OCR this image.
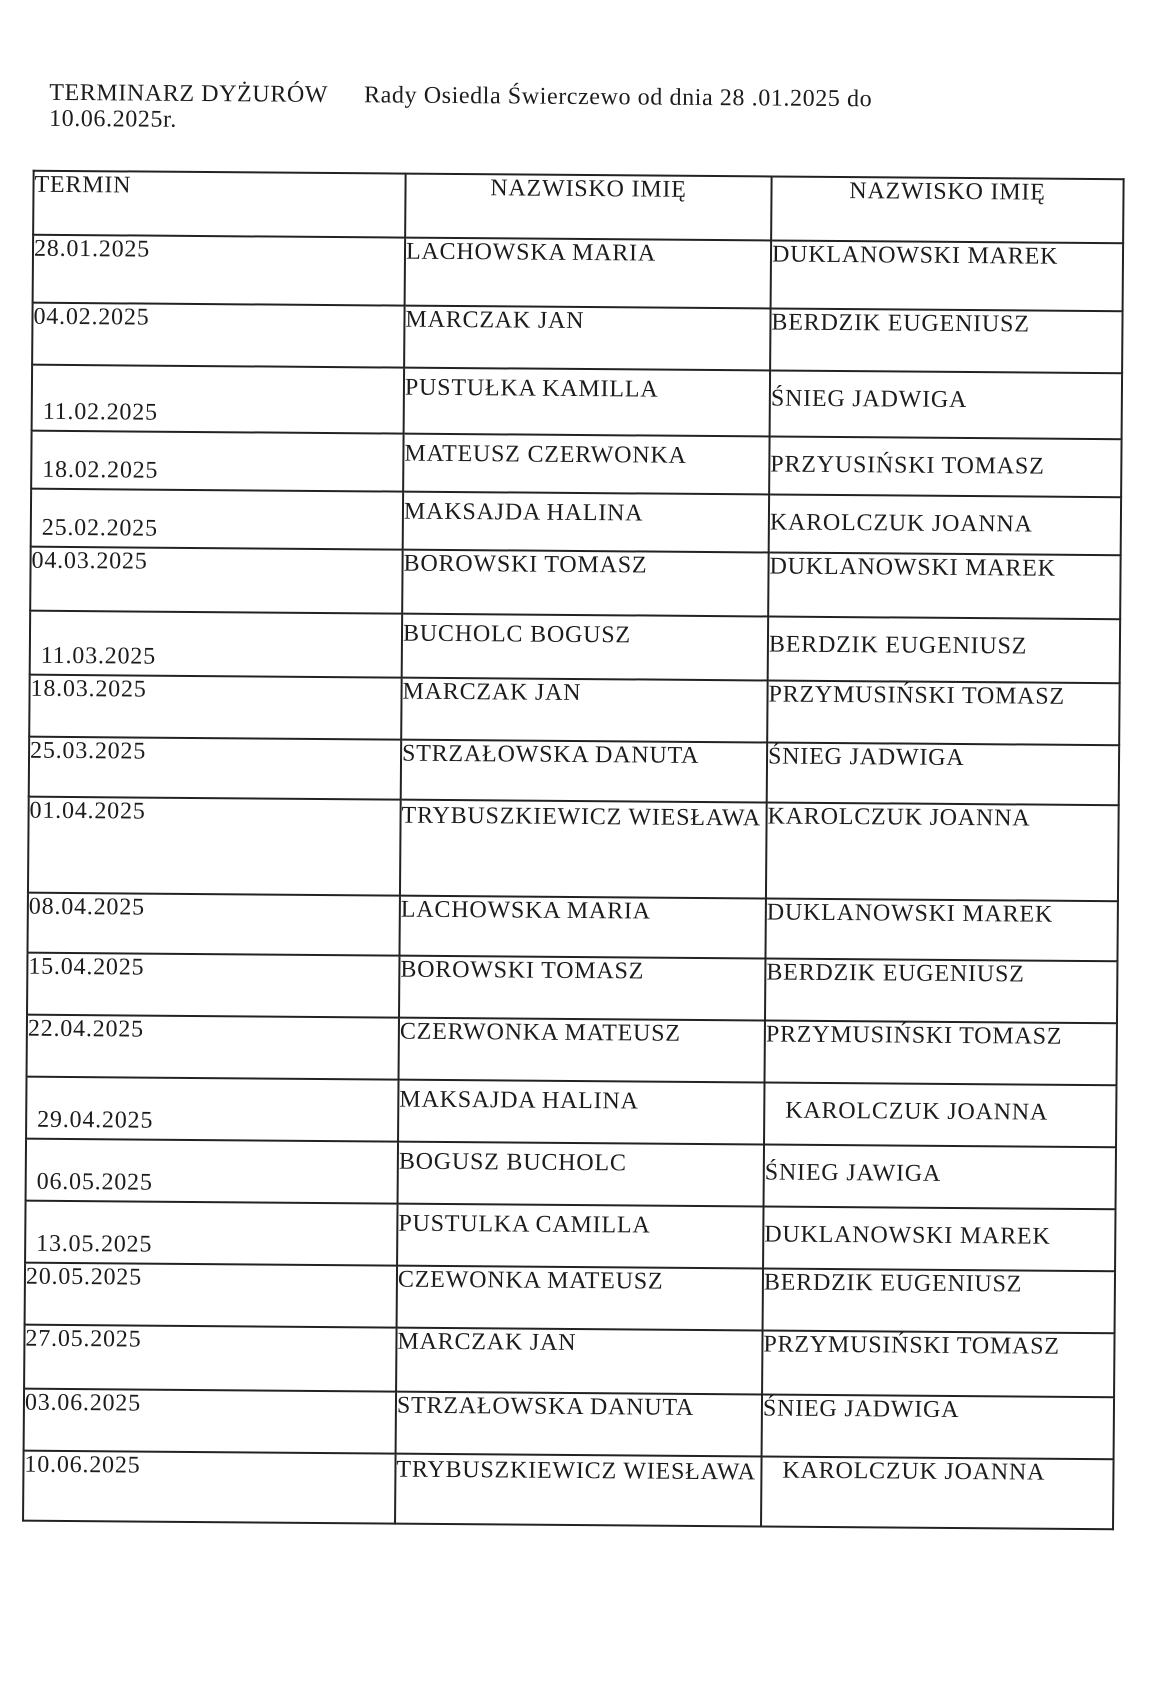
TERMINARZ DYŻURÓW Rady Osiedla Świerczewo od dnia 28 .01.2025 do
10.06.2025r.
TERMIN	NAZWISKO IMIĘ	NAZWISKO IMIĘ
28.01.2025	LACHOWSKA MARIA	DUKLANOWSKI MAREK
04.02.2025	MARCZAK JAN	BERDZIK EUGENIUSZ
11.02.2025	PUSTUŁKA KAMILLA	ŚNIEG JADWIGA
18.02.2025	MATEUSZ CZERWONKA	PRZYUSIŃSKI TOMASZ
25.02.2025	MAKSAJDA HALINA	KAROLCZUK JOANNA
04.03.2025	BOROWSKI TOMASZ	DUKLANOWSKI MAREK
11.03.2025	BUCHOLC BOGUSZ	BERDZIK EUGENIUSZ
18.03.2025	MARCZAK JAN	PRZYMUSIŃSKI TOMASZ
25.03.2025	STRZAŁOWSKA DANUTA	ŚNIEG JADWIGA
01.04.2025	TRYBUSZKIEWICZ WIESŁAWA	KAROLCZUK JOANNA
08.04.2025	LACHOWSKA MARIA	DUKLANOWSKI MAREK
15.04.2025	BOROWSKI TOMASZ	BERDZIK EUGENIUSZ
22.04.2025	CZERWONKA MATEUSZ	PRZYMUSIŃSKI TOMASZ
29.04.2025	MAKSAJDA HALINA	KAROLCZUK JOANNA
06.05.2025	BOGUSZ BUCHOLC	ŚNIEG JAWIGA
13.05.2025	PUSTULKA CAMILLA	DUKLANOWSKI MAREK
20.05.2025	CZEWONKA MATEUSZ	BERDZIK EUGENIUSZ
27.05.2025	MARCZAK JAN	PRZYMUSIŃSKI TOMASZ
03.06.2025	STRZAŁOWSKA DANUTA	ŚNIEG JADWIGA
10.06.2025	TRYBUSZKIEWICZ WIESŁAWA	KAROLCZUK JOANNA
